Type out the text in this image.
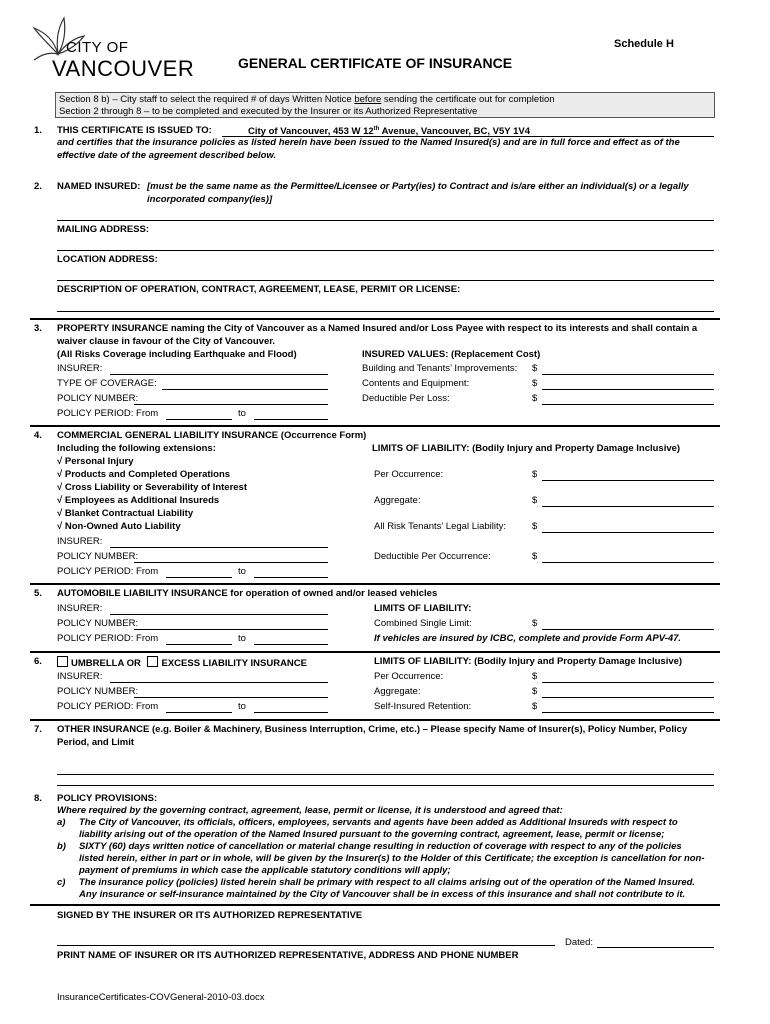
CITY OF
VANCOUVER
Schedule H
GENERAL CERTIFICATE OF INSURANCE
Section 8 b) – City staff to select the required # of days Written Notice before sending the certificate out for completion
Section 2 through 8 – to be completed and executed by the Insurer or its Authorized Representative
1. THIS CERTIFICATE IS ISSUED TO:	City of Vancouver, 453 W 12th Avenue, Vancouver, BC, V5Y 1V4
and certifies that the insurance policies as listed herein have been issued to the Named Insured(s) and are in full force and effect as of the effective date of the agreement described below.
2. NAMED INSURED: [must be the same name as the Permittee/Licensee or Party(ies) to Contract and is/are either an individual(s) or a legally
incorporated company(ies)]
MAILING ADDRESS:
LOCATION ADDRESS:
DESCRIPTION OF OPERATION, CONTRACT, AGREEMENT, LEASE, PERMIT OR LICENSE:
3. PROPERTY INSURANCE naming the City of Vancouver as a Named Insured and/or Loss Payee with respect to its interests and shall contain a
waiver clause in favour of the City of Vancouver.
(All Risks Coverage including Earthquake and Flood)	INSURED VALUES: (Replacement Cost)
INSURER:
TYPE OF COVERAGE:
POLICY NUMBER:
POLICY PERIOD: From	to
Building and Tenants’ Improvements: $
Contents and Equipment:	$
Deductible Per Loss:	$
4. COMMERCIAL GENERAL LIABILITY INSURANCE (Occurrence Form)
Including the following extensions:	LIMITS OF LIABILITY: (Bodily Injury and Property Damage Inclusive)
√ Personal Injury
√ Products and Completed Operations
√ Cross Liability or Severability of Interest
√ Employees as Additional Insureds
√ Blanket Contractual Liability
√ Non-Owned Auto Liability
INSURER:
POLICY NUMBER:
POLICY PERIOD: From	to
Per Occurrence:	$
Aggregate:	$
All Risk Tenants’ Legal Liability:	$
Deductible Per Occurrence:	$
5. AUTOMOBILE LIABILITY INSURANCE for operation of owned and/or leased vehicles
INSURER:
POLICY NUMBER:
POLICY PERIOD: From	to
LIMITS OF LIABILITY:
Combined Single Limit:	$
If vehicles are insured by ICBC, complete and provide Form APV-47.
6.	UMBRELLA OR EXCESS LIABILITY INSURANCE	LIMITS OF LIABILITY: (Bodily Injury and Property Damage Inclusive)
INSURER:
POLICY NUMBER:
POLICY PERIOD: From	to
Per Occurrence:	$
Aggregate:	$
Self-Insured Retention:	$
7. OTHER INSURANCE (e.g. Boiler & Machinery, Business Interruption, Crime, etc.) – Please specify Name of Insurer(s), Policy Number, Policy
Period, and Limit
8. POLICY PROVISIONS:
Where required by the governing contract, agreement, lease, permit or license, it is understood and agreed that:
a) The City of Vancouver, its officials, officers, employees, servants and agents have been added as Additional Insureds with respect to
liability arising out of the operation of the Named Insured pursuant to the governing contract, agreement, lease, permit or license;
b) SIXTY (60) days written notice of cancellation or material change resulting in reduction of coverage with respect to any of the policies
listed herein, either in part or in whole, will be given by the Insurer(s) to the Holder of this Certificate; the exception is cancellation for non-
payment of premiums in which case the applicable statutory conditions will apply;
c) The insurance policy (policies) listed herein shall be primary with respect to all claims arising out of the operation of the Named Insured.
Any insurance or self-insurance maintained by the City of Vancouver shall be in excess of this insurance and shall not contribute to it.
SIGNED BY THE INSURER OR ITS AUTHORIZED REPRESENTATIVE
Dated:
PRINT NAME OF INSURER OR ITS AUTHORIZED REPRESENTATIVE, ADDRESS AND PHONE NUMBER
InsuranceCertificates-COVGeneral-2010-03.docx
